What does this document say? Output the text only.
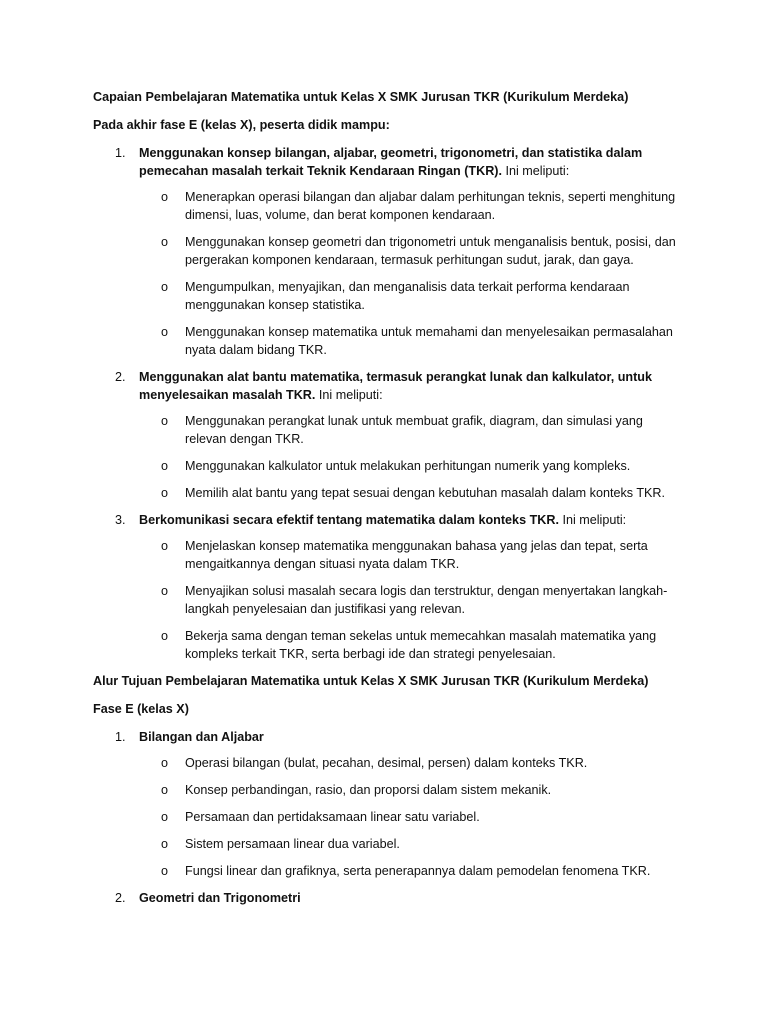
Capaian Pembelajaran Matematika untuk Kelas X SMK Jurusan TKR (Kurikulum Merdeka)
Pada akhir fase E (kelas X), peserta didik mampu:
1. Menggunakan konsep bilangan, aljabar, geometri, trigonometri, dan statistika dalam pemecahan masalah terkait Teknik Kendaraan Ringan (TKR). Ini meliputi:
o Menerapkan operasi bilangan dan aljabar dalam perhitungan teknis, seperti menghitung dimensi, luas, volume, dan berat komponen kendaraan.
o Menggunakan konsep geometri dan trigonometri untuk menganalisis bentuk, posisi, dan pergerakan komponen kendaraan, termasuk perhitungan sudut, jarak, dan gaya.
o Mengumpulkan, menyajikan, dan menganalisis data terkait performa kendaraan menggunakan konsep statistika.
o Menggunakan konsep matematika untuk memahami dan menyelesaikan permasalahan nyata dalam bidang TKR.
2. Menggunakan alat bantu matematika, termasuk perangkat lunak dan kalkulator, untuk menyelesaikan masalah TKR. Ini meliputi:
o Menggunakan perangkat lunak untuk membuat grafik, diagram, dan simulasi yang relevan dengan TKR.
o Menggunakan kalkulator untuk melakukan perhitungan numerik yang kompleks.
o Memilih alat bantu yang tepat sesuai dengan kebutuhan masalah dalam konteks TKR.
3. Berkomunikasi secara efektif tentang matematika dalam konteks TKR. Ini meliputi:
o Menjelaskan konsep matematika menggunakan bahasa yang jelas dan tepat, serta mengaitkannya dengan situasi nyata dalam TKR.
o Menyajikan solusi masalah secara logis dan terstruktur, dengan menyertakan langkah-langkah penyelesaian dan justifikasi yang relevan.
o Bekerja sama dengan teman sekelas untuk memecahkan masalah matematika yang kompleks terkait TKR, serta berbagi ide dan strategi penyelesaian.
Alur Tujuan Pembelajaran Matematika untuk Kelas X SMK Jurusan TKR (Kurikulum Merdeka)
Fase E (kelas X)
1. Bilangan dan Aljabar
o Operasi bilangan (bulat, pecahan, desimal, persen) dalam konteks TKR.
o Konsep perbandingan, rasio, dan proporsi dalam sistem mekanik.
o Persamaan dan pertidaksamaan linear satu variabel.
o Sistem persamaan linear dua variabel.
o Fungsi linear dan grafiknya, serta penerapannya dalam pemodelan fenomena TKR.
2. Geometri dan Trigonometri
